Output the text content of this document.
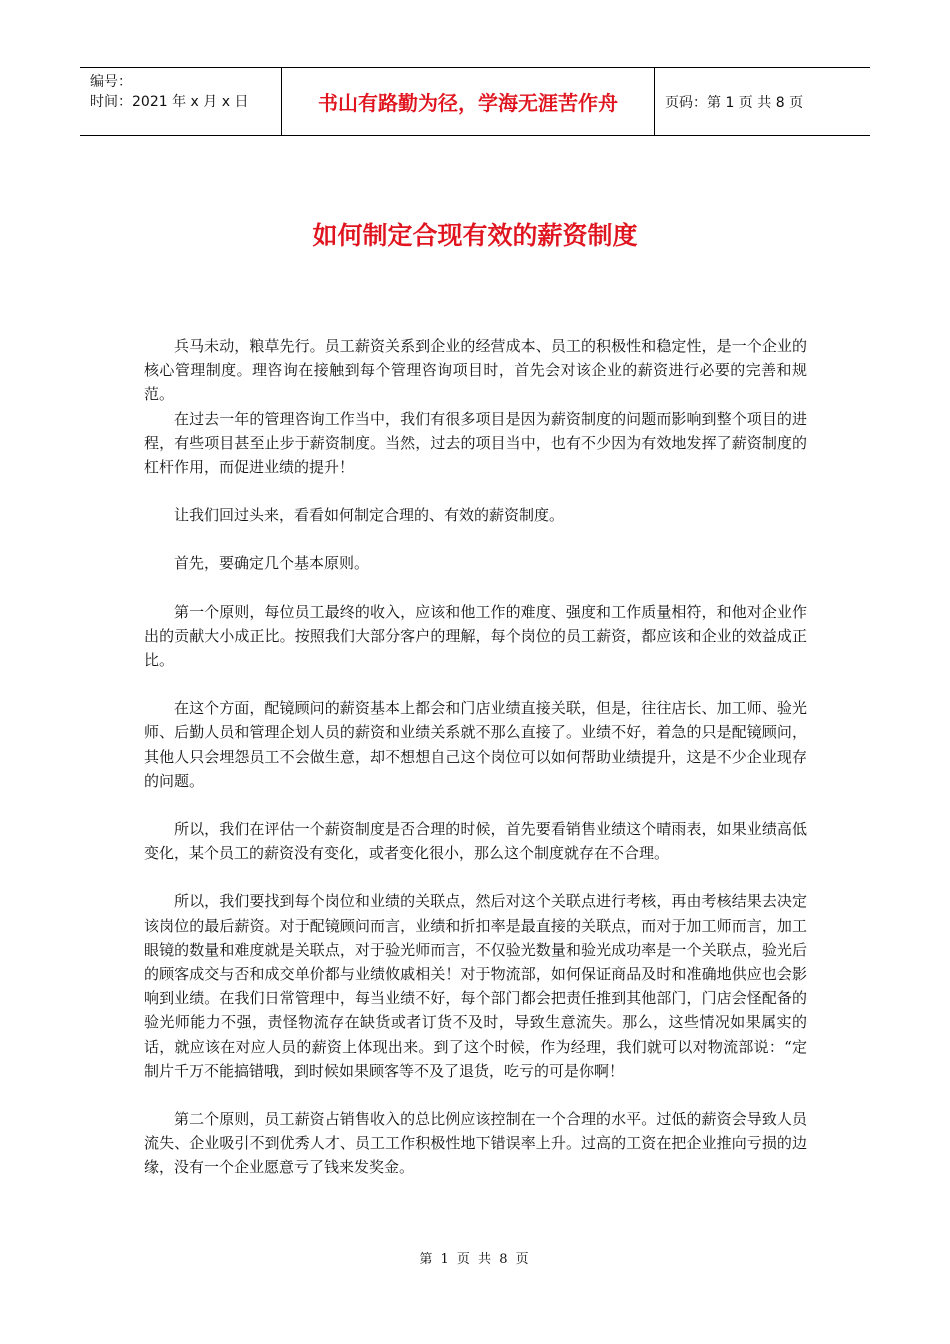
编号：
时间：2021 年 x 月 x 日	书山有路勤为径，学海无涯苦作舟	页码：第 1 页 共 8 页
如何制定合现有效的薪资制度

兵马未动，粮草先行。员工薪资关系到企业的经营成本、员工的积极性和稳定性，是一个企业的核心管理制度。理咨询在接触到每个管理咨询项目时，首先会对该企业的薪资进行必要的完善和规范。

在过去一年的管理咨询工作当中，我们有很多项目是因为薪资制度的问题而影响到整个项目的进程，有些项目甚至止步于薪资制度。当然，过去的项目当中，也有不少因为有效地发挥了薪资制度的杠杆作用，而促进业绩的提升！

让我们回过头来，看看如何制定合理的、有效的薪资制度。

首先，要确定几个基本原则。

第一个原则，每位员工最终的收入，应该和他工作的难度、强度和工作质量相符，和他对企业作出的贡献大小成正比。按照我们大部分客户的理解，每个岗位的员工薪资，都应该和企业的效益成正比。

在这个方面，配镜顾问的薪资基本上都会和门店业绩直接关联，但是，往往店长、加工师、验光师、后勤人员和管理企划人员的薪资和业绩关系就不那么直接了。业绩不好，着急的只是配镜顾问，其他人只会埋怨员工不会做生意，却不想想自己这个岗位可以如何帮助业绩提升，这是不少企业现存的问题。

所以，我们在评估一个薪资制度是否合理的时候，首先要看销售业绩这个晴雨表，如果业绩高低变化，某个员工的薪资没有变化，或者变化很小，那么这个制度就存在不合理。

所以，我们要找到每个岗位和业绩的关联点，然后对这个关联点进行考核，再由考核结果去决定该岗位的最后薪资。对于配镜顾问而言，业绩和折扣率是最直接的关联点，而对于加工师而言，加工眼镜的数量和难度就是关联点，对于验光师而言，不仅验光数量和验光成功率是一个关联点，验光后的顾客成交与否和成交单价都与业绩攸戚相关！对于物流部，如何保证商品及时和准确地供应也会影响到业绩。在我们日常管理中，每当业绩不好，每个部门都会把责任推到其他部门，门店会怪配备的验光师能力不强，责怪物流存在缺货或者订货不及时，导致生意流失。那么，这些情况如果属实的话，就应该在对应人员的薪资上体现出来。到了这个时候，作为经理，我们就可以对物流部说：“定制片千万不能搞错哦，到时候如果顾客等不及了退货，吃亏的可是你啊！

第二个原则，员工薪资占销售收入的总比例应该控制在一个合理的水平。过低的薪资会导致人员流失、企业吸引不到优秀人才、员工工作积极性地下错误率上升。过高的工资在把企业推向亏损的边缘，没有一个企业愿意亏了钱来发奖金。

第 1 页 共 8 页
